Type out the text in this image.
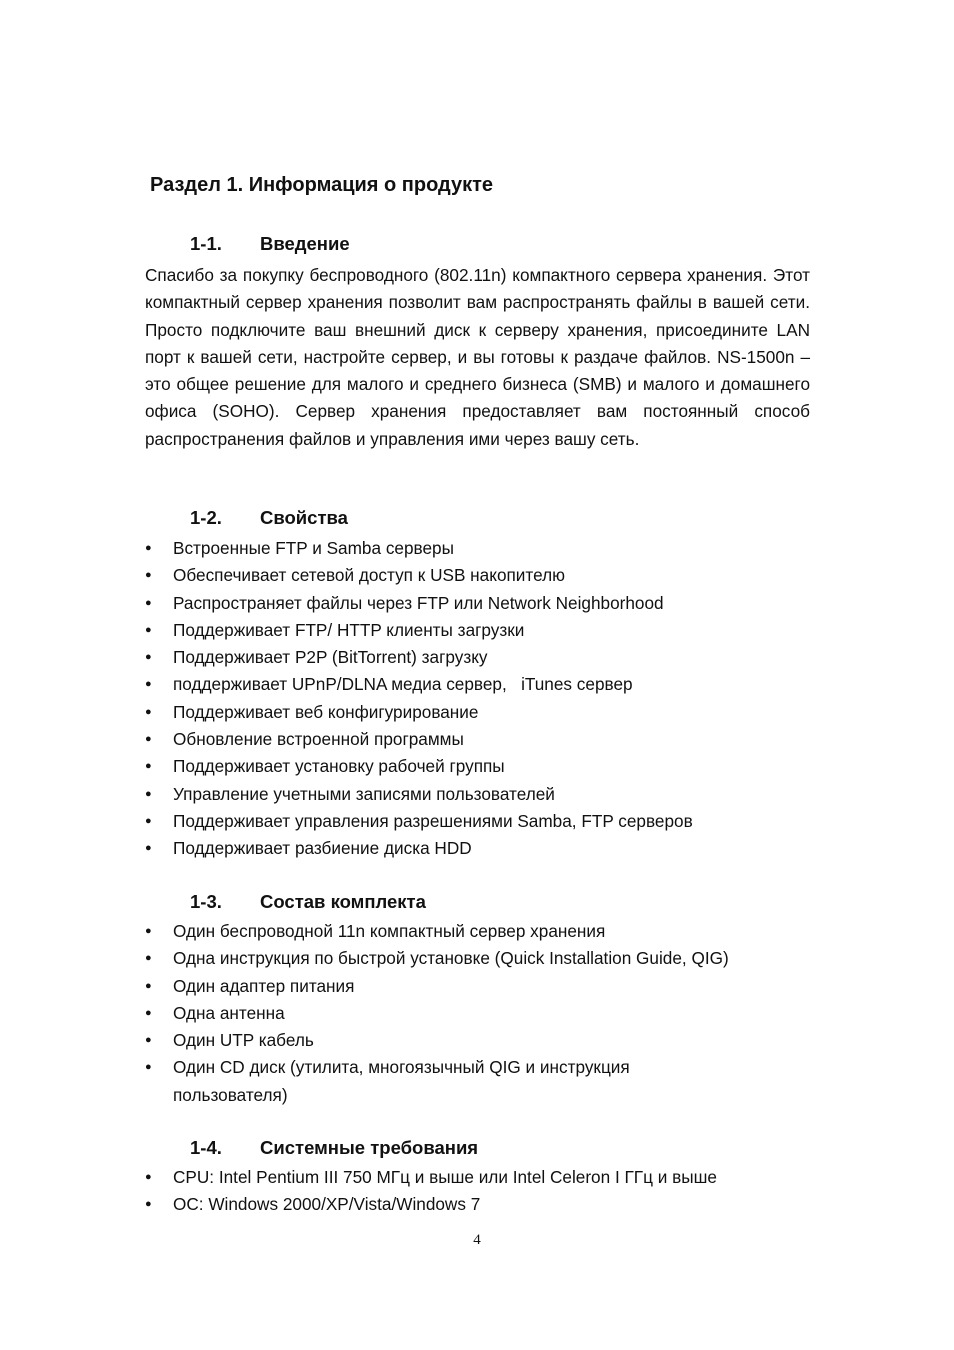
Раздел 1. Информация о продукте
1-1.	Введение

Спасибо за покупку беспроводного (802.11n) компактного сервера хранения. Этот компактный сервер хранения позволит вам распространять файлы в вашей сети. Просто подключите ваш внешний диск к серверу хранения, присоедините LAN порт к вашей сети, настройте сервер, и вы готовы к раздаче файлов. NS-1500n – это общее решение для малого и среднего бизнеса (SMB) и малого и домашнего офиса (SOHO). Сервер хранения предоставляет вам постоянный способ распространения файлов и управления ими через вашу сеть.

1-2.	Свойства
● Встроенные FTP и Samba серверы
● Обеспечивает сетевой доступ к USB накопителю
● Распространяет файлы через FTP или Network Neighborhood
● Поддерживает FTP/ HTTP клиенты загрузки
● Поддерживает P2P (BitTorrent) загрузку
● поддерживает UPnP/DLNA медиа сервер,   iTunes сервер
● Поддерживает веб конфигурирование
● Обновление встроенной программы
● Поддерживает установку рабочей группы
● Управление учетными записями пользователей
● Поддерживает управления разрешениями Samba, FTP серверов
● Поддерживает разбиение диска HDD
1-3.	Состав комплекта
● Один беспроводной 11n компактный сервер хранения
● Одна инструкция по быстрой установке (Quick Installation Guide, QIG)
● Один адаптер питания
● Одна антенна
● Один UTP кабель
● Один CD диск (утилита, многоязычный QIG и инструкция пользователя)
1-4.	Системные требования
● CPU: Intel Pentium III 750 МГц и выше или Intel Celeron I ГГц и выше
● ОС: Windows 2000/XP/Vista/Windows 7

4
